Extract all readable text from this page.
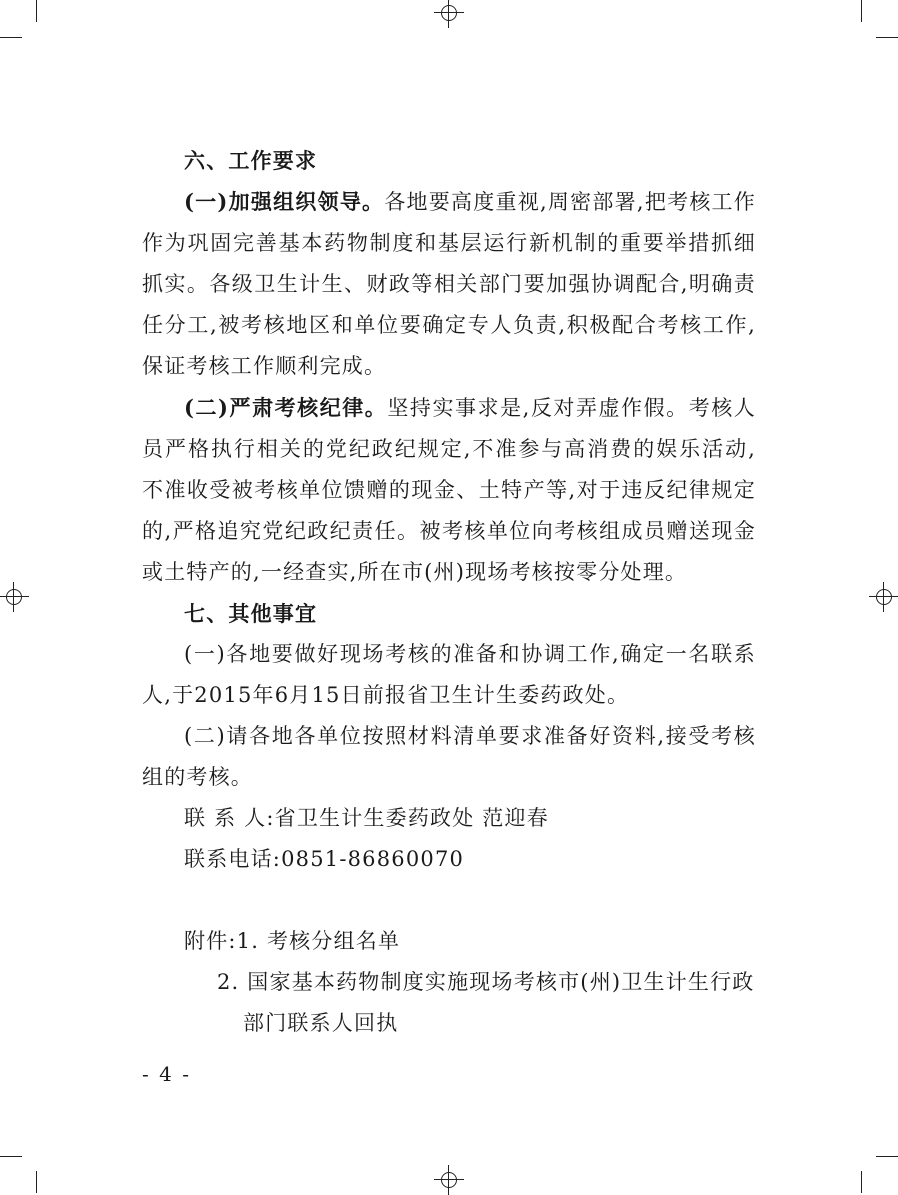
六、工作要求

(一)加强组织领导。各地要高度重视,周密部署,把考核工作作为巩固完善基本药物制度和基层运行新机制的重要举措抓细抓实。各级卫生计生、财政等相关部门要加强协调配合,明确责任分工,被考核地区和单位要确定专人负责,积极配合考核工作,保证考核工作顺利完成。

(二)严肃考核纪律。坚持实事求是,反对弄虚作假。考核人员严格执行相关的党纪政纪规定,不准参与高消费的娱乐活动,不准收受被考核单位馈赠的现金、土特产等,对于违反纪律规定的,严格追究党纪政纪责任。被考核单位向考核组成员赠送现金或土特产的,一经查实,所在市(州)现场考核按零分处理。

七、其他事宜

(一)各地要做好现场考核的准备和协调工作,确定一名联系人,于2015年6月15日前报省卫生计生委药政处。

(二)请各地各单位按照材料清单要求准备好资料,接受考核组的考核。

联 系 人:省卫生计生委药政处 范迎春

联系电话:0851-86860070

附件:1. 考核分组名单

2. 国家基本药物制度实施现场考核市(州)卫生计生行政部门联系人回执

- 4 -
